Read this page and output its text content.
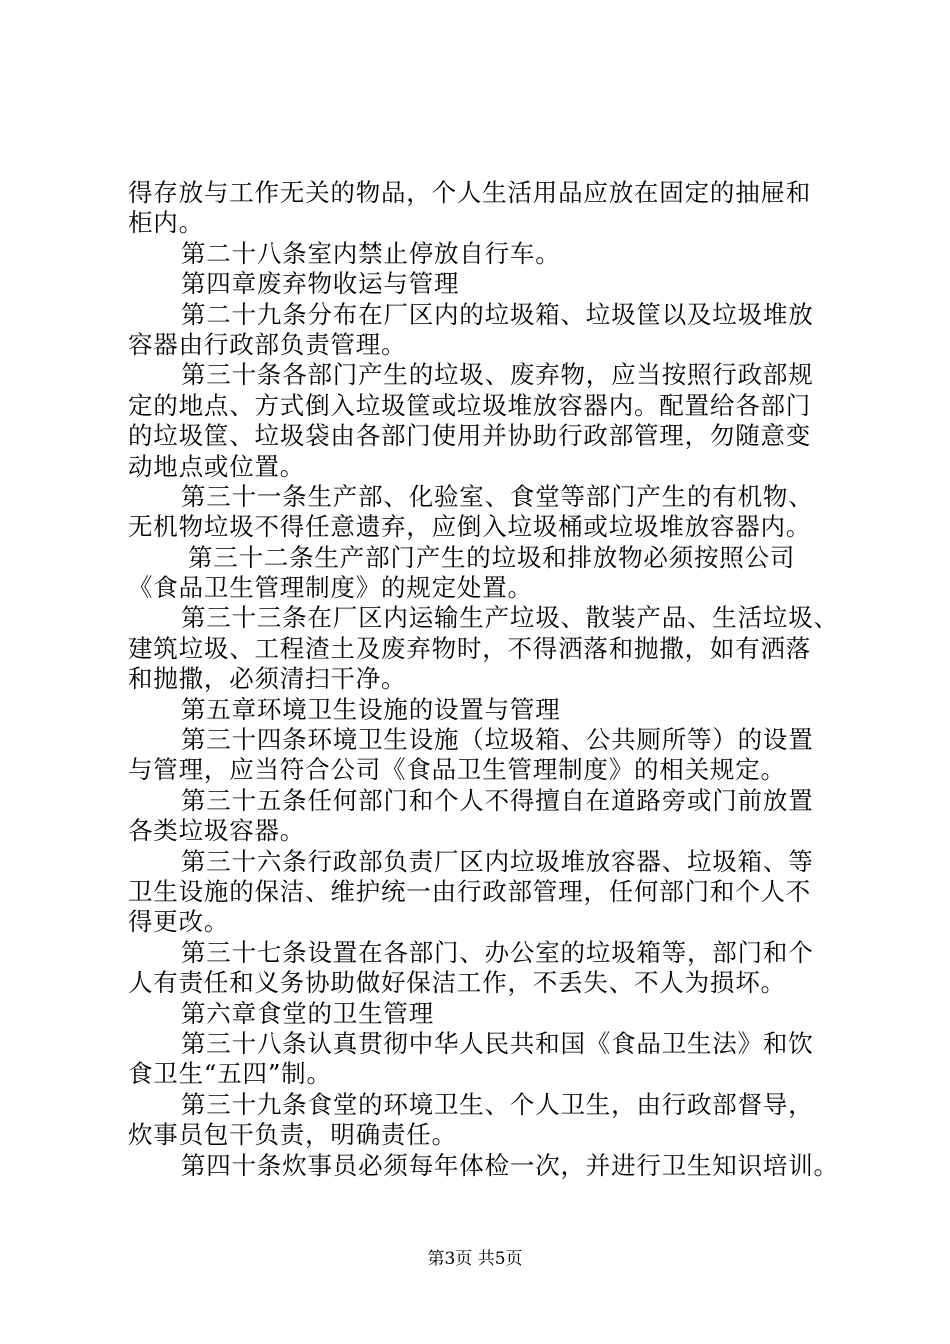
得存放与工作无关的物品，个人生活用品应放在固定的抽屉和
柜内。
第二十八条室内禁止停放自行车。
第四章废弃物收运与管理
第二十九条分布在厂区内的垃圾箱、垃圾筐以及垃圾堆放
容器由行政部负责管理。
第三十条各部门产生的垃圾、废弃物，应当按照行政部规
定的地点、方式倒入垃圾筐或垃圾堆放容器内。配置给各部门
的垃圾筐、垃圾袋由各部门使用并协助行政部管理，勿随意变
动地点或位置。
第三十一条生产部、化验室、食堂等部门产生的有机物、
无机物垃圾不得任意遗弃，应倒入垃圾桶或垃圾堆放容器内。
第三十二条生产部门产生的垃圾和排放物必须按照公司
《食品卫生管理制度》的规定处置。
第三十三条在厂区内运输生产垃圾、散装产品、生活垃圾、
建筑垃圾、工程渣土及废弃物时，不得洒落和抛撒，如有洒落
和抛撒，必须清扫干净。
第五章环境卫生设施的设置与管理
第三十四条环境卫生设施（垃圾箱、公共厕所等）的设置
与管理，应当符合公司《食品卫生管理制度》的相关规定。
第三十五条任何部门和个人不得擅自在道路旁或门前放置
各类垃圾容器。
第三十六条行政部负责厂区内垃圾堆放容器、垃圾箱、等
卫生设施的保洁、维护统一由行政部管理，任何部门和个人不
得更改。
第三十七条设置在各部门、办公室的垃圾箱等，部门和个
人有责任和义务协助做好保洁工作，不丢失、不人为损坏。
第六章食堂的卫生管理
第三十八条认真贯彻中华人民共和国《食品卫生法》和饮
食卫生“五四”制。
第三十九条食堂的环境卫生、个人卫生，由行政部督导，
炊事员包干负责，明确责任。
第四十条炊事员必须每年体检一次，并进行卫生知识培训。
第3页 共5页
